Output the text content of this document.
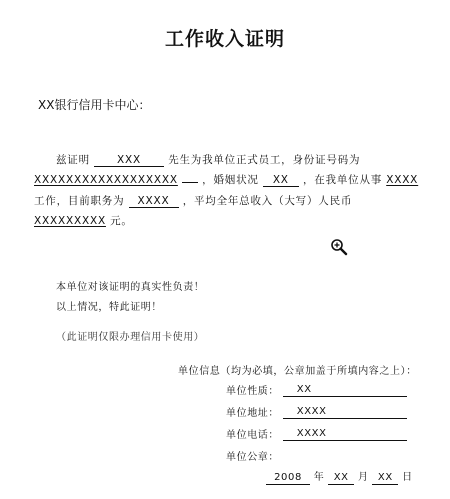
工作收入证明
XX银行信用卡中心：
兹证明	XXX	先生为我单位正式员工，身份证号码为
XXXXXXXXXXXXXXXXXX ，婚姻状况 XX ，在我单位从事 XXXX
工作，目前职务为 XXXX ，平均全年总收入（大写）人民币
XXXXXXXXX 元。
本单位对该证明的真实性负责！
以上情况，特此证明！
（此证明仅限办理信用卡使用）
单位信息（均为必填，公章加盖于所填内容之上）：
单位性质： XX
单位地址： XXXX
单位电话： XXXX
单位公章：
2008 年 XX 月 XX 日
